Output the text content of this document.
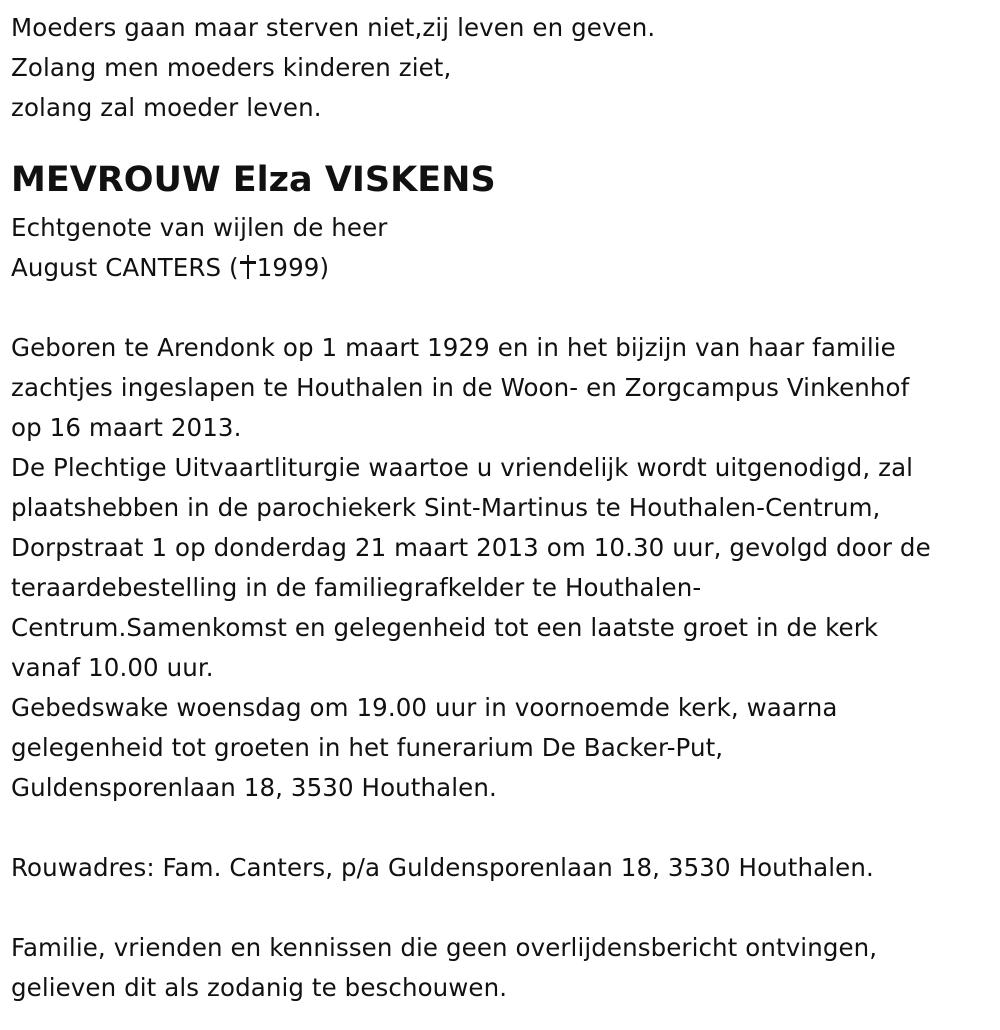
Moeders gaan maar sterven niet,zij leven en geven.
Zolang men moeders kinderen ziet,
zolang zal moeder leven.
MEVROUW Elza VISKENS
Echtgenote van wijlen de heer
August CANTERS ( 1999)
Geboren te Arendonk op 1 maart 1929 en in het bijzijn van haar familie
zachtjes ingeslapen te Houthalen in de Woon- en Zorgcampus Vinkenhof
op 16 maart 2013.
De Plechtige Uitvaartliturgie waartoe u vriendelijk wordt uitgenodigd, zal
plaatshebben in de parochiekerk Sint-Martinus te Houthalen-Centrum,
Dorpstraat 1 op donderdag 21 maart 2013 om 10.30 uur, gevolgd door de
teraardebestelling in de familiegrafkelder te Houthalen-
Centrum.Samenkomst en gelegenheid tot een laatste groet in de kerk
vanaf 10.00 uur.
Gebedswake woensdag om 19.00 uur in voornoemde kerk, waarna
gelegenheid tot groeten in het funerarium De Backer-Put,
Guldensporenlaan 18, 3530 Houthalen.
Rouwadres: Fam. Canters, p/a Guldensporenlaan 18, 3530 Houthalen.
Familie, vrienden en kennissen die geen overlijdensbericht ontvingen,
gelieven dit als zodanig te beschouwen.
